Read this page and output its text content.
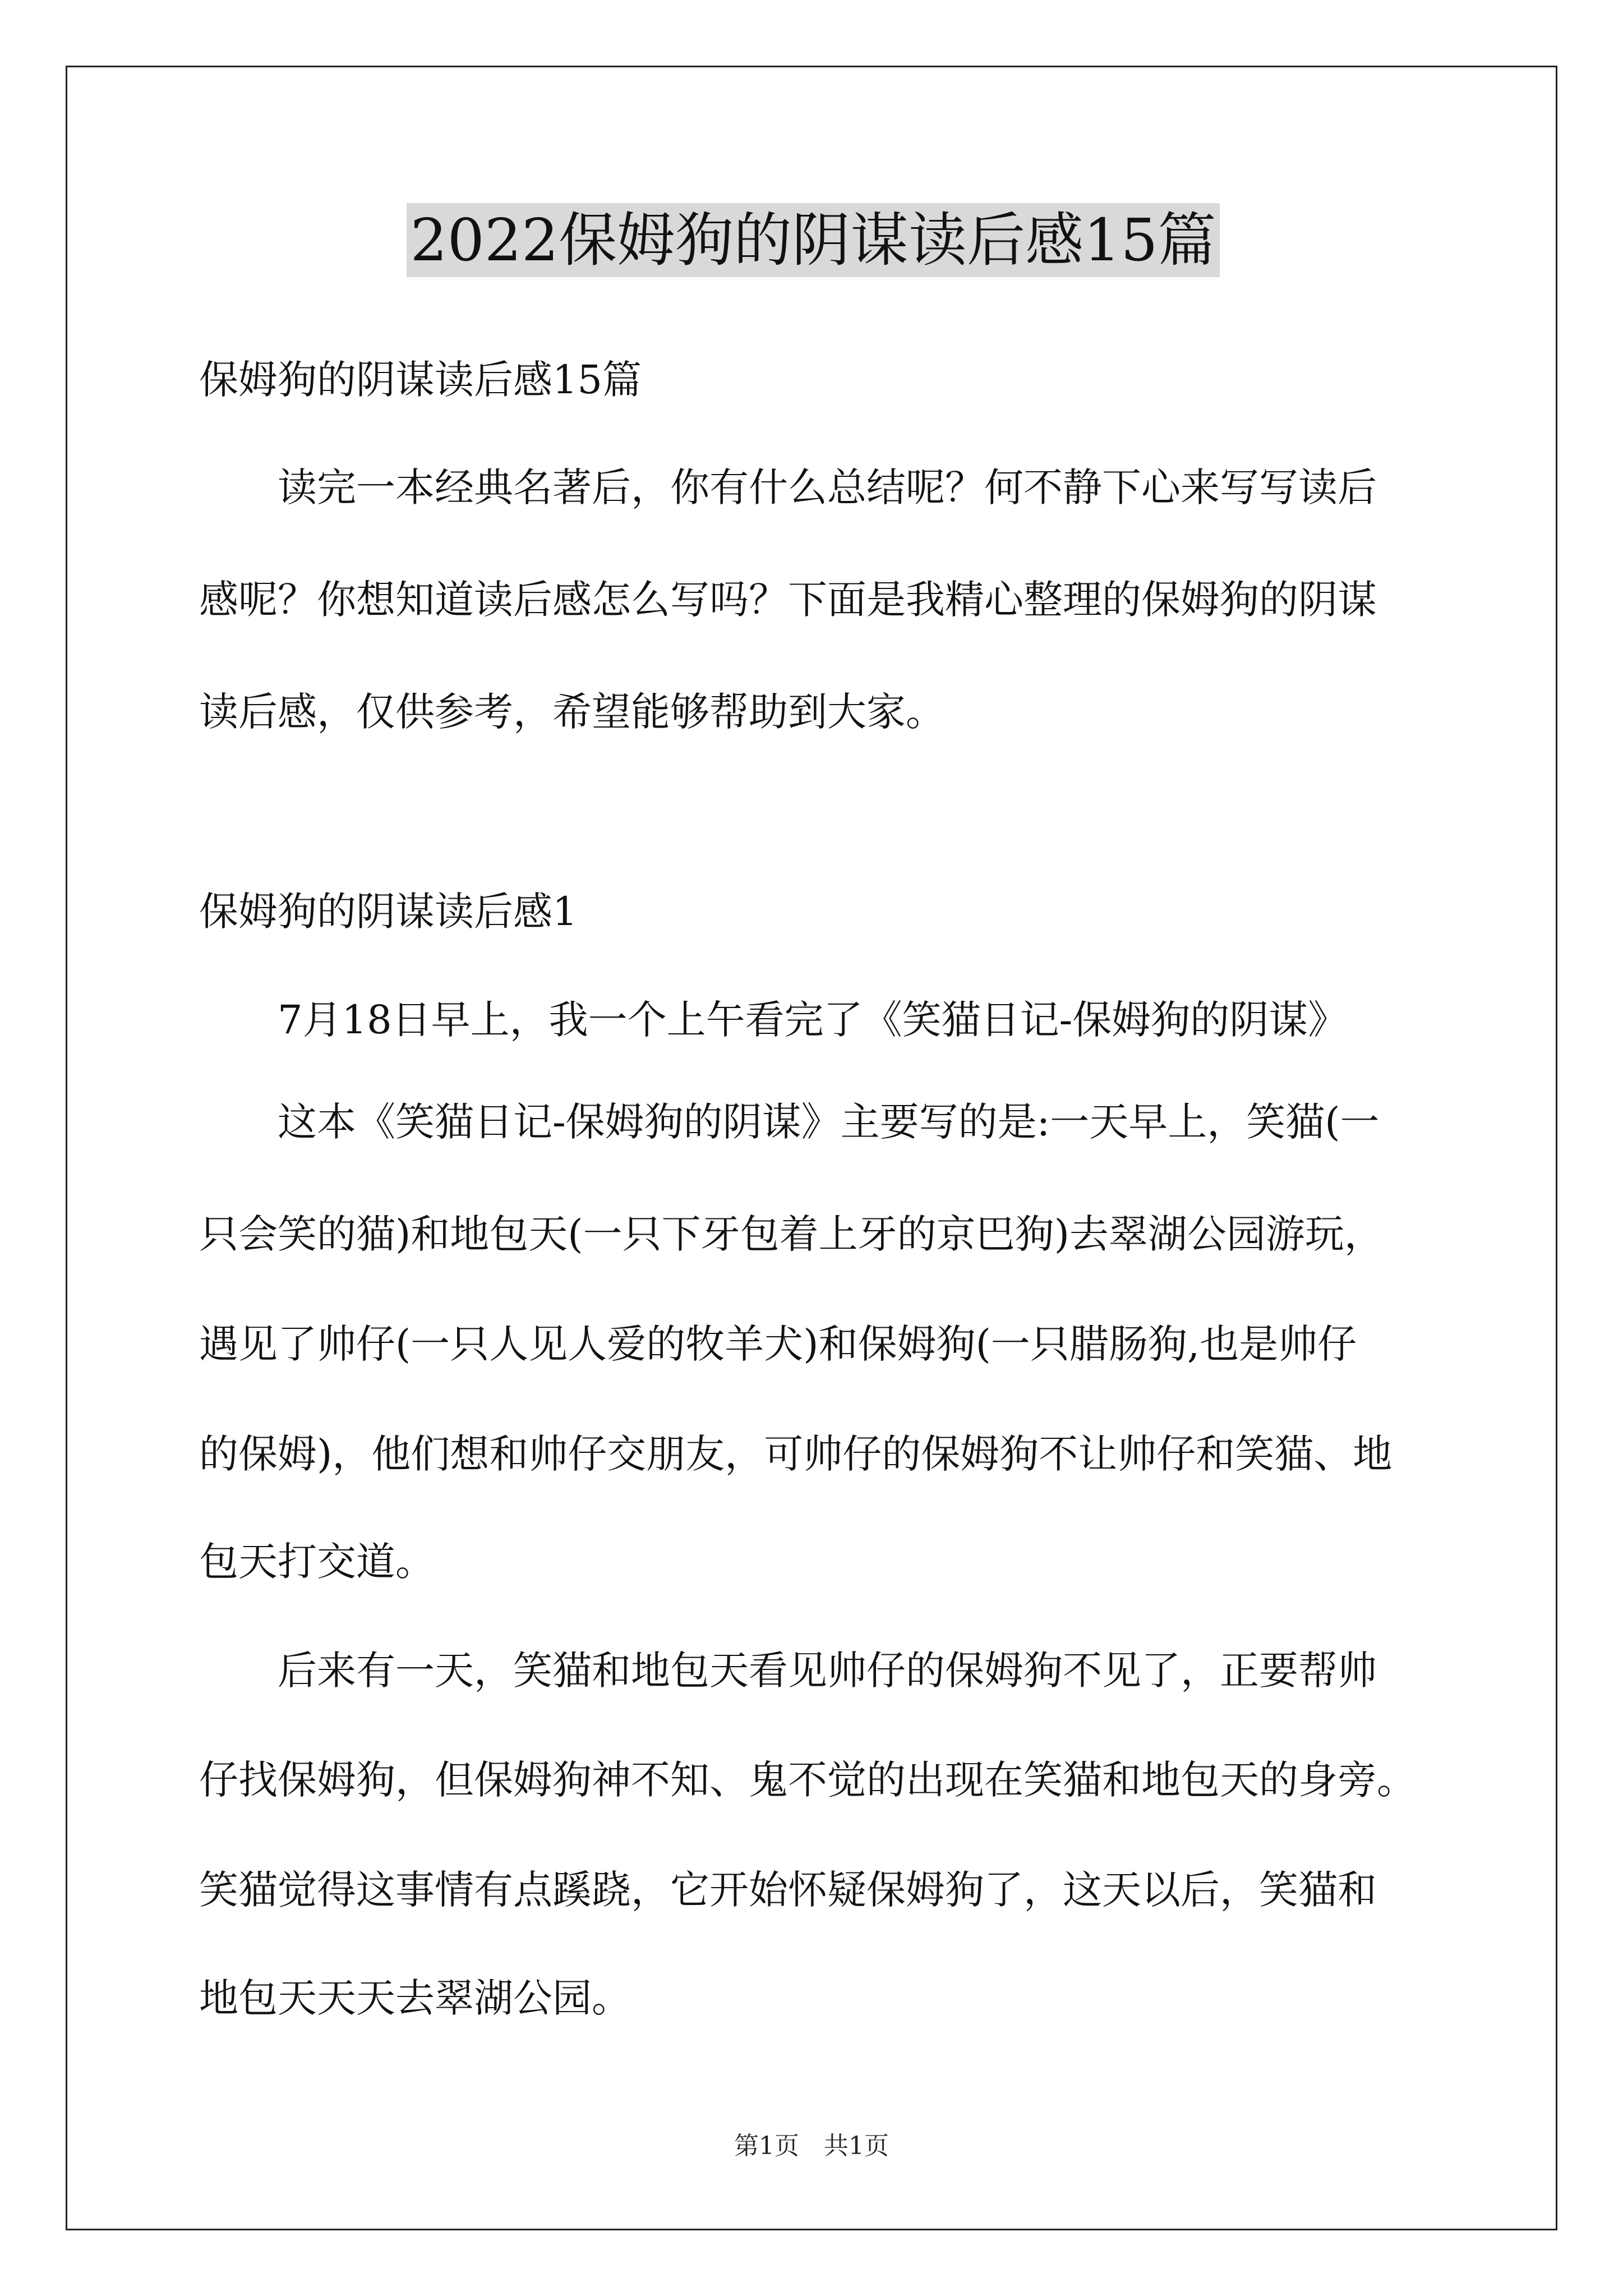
2022保姆狗的阴谋读后感15篇
保姆狗的阴谋读后感15篇
读完一本经典名著后，你有什么总结呢？何不静下心来写写读后
感呢？你想知道读后感怎么写吗？下面是我精心整理的保姆狗的阴谋
读后感，仅供参考，希望能够帮助到大家。
保姆狗的阴谋读后感1
7月18日早上，我一个上午看完了《笑猫日记-保姆狗的阴谋》
这本《笑猫日记-保姆狗的阴谋》主要写的是:一天早上，笑猫(一
只会笑的猫)和地包天(一只下牙包着上牙的京巴狗)去翠湖公园游玩，
遇见了帅仔(一只人见人爱的牧羊犬)和保姆狗(一只腊肠狗,也是帅仔
的保姆)，他们想和帅仔交朋友，可帅仔的保姆狗不让帅仔和笑猫、地
包天打交道。
后来有一天，笑猫和地包天看见帅仔的保姆狗不见了，正要帮帅
仔找保姆狗，但保姆狗神不知、鬼不觉的出现在笑猫和地包天的身旁。
笑猫觉得这事情有点蹊跷，它开始怀疑保姆狗了，这天以后，笑猫和
地包天天天去翠湖公园。
第1页　共1页
